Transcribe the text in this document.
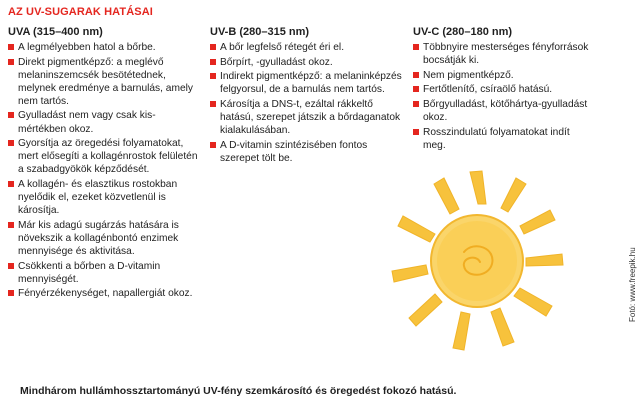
AZ UV-SUGARAK HATÁSAI
UVA (315–400 nm)
A legmélyebben hatol a bőrbe.
Direkt pigmentképző: a meglévő melaninszemcsék besötétednek, melynek eredménye a barnulás, amely nem tartós.
Gyulladást nem vagy csak kis-mértékben okoz.
Gyorsítja az öregedési folyamatokat, mert elősegíti a kollagénrostok felületén a szabadgyökök képződését.
A kollagén- és elasztikus rostokban nyelődik el, ezeket közvetlenül is károsítja.
Már kis adagú sugárzás hatására is növekszik a kollagénbontó enzimek mennyisége és aktivitása.
Csökkenti a bőrben a D-vitamin mennyiségét.
Fényérzékenységet, napallergiát okoz.
UV-B (280–315 nm)
A bőr legfelső rétegét éri el.
Bőrpírt, -gyulladást okoz.
Indirekt pigmentképző: a melaninképzés felgyorsul, de a barnulás nem tartós.
Károsítja a DNS-t, ezáltal rákkeltő hatású, szerepet játszik a bőrdaganatok kialakulásában.
A D-vitamin szintézisében fontos szerepet tölt be.
UV-C (280–180 nm)
Többnyire mesterséges fényforrások bocsátják ki.
Nem pigmentképző.
Fertőtlenítő, csíraölő hatású.
Bőrgyulladást, kötőhártya-gyulladást okoz.
Rosszindulatú folyamatokat indít meg.
Fotó: www.freepik.hu
Mindhárom hullámhossztartományú UV-fény szemkárosító és öregedést fokozó hatású.
